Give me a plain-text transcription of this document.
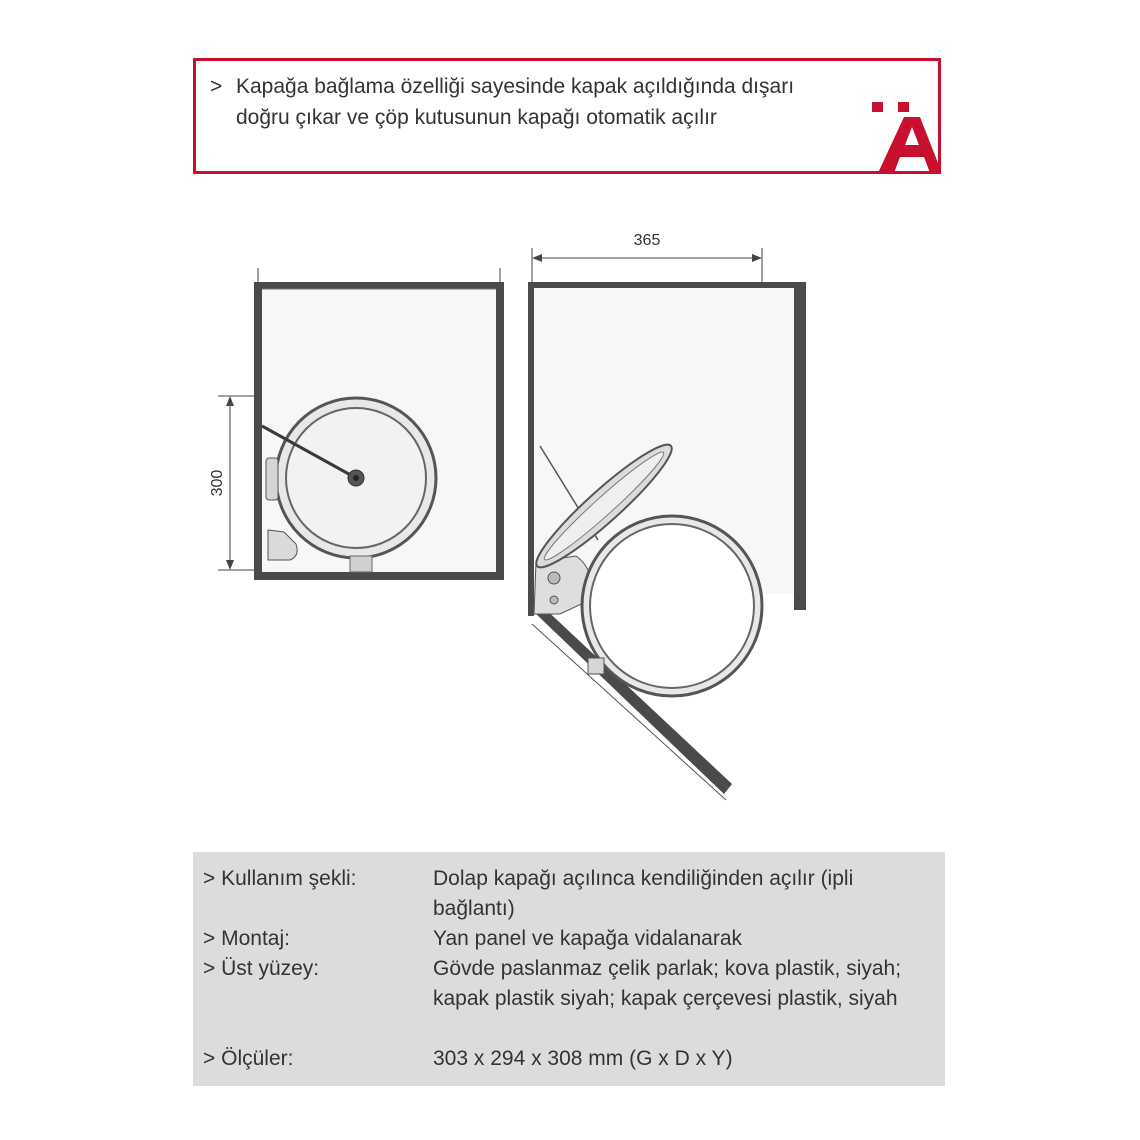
> Kapağa bağlama özelliği sayesinde kapak açıldığında dışarı doğru çıkar ve çöp kutusunun kapağı otomatik açılır
300
365
> Kullanım şekli:	Dolap kapağı açılınca kendiliğinden açılır (ipli bağlantı)
> Montaj:	Yan panel ve kapağa vidalanarak
> Üst yüzey:	Gövde paslanmaz çelik parlak; kova plastik, siyah; kapak plastik siyah; kapak çerçevesi plastik, siyah
> Ölçüler:	303 x 294 x 308 mm (G x D x Y)
